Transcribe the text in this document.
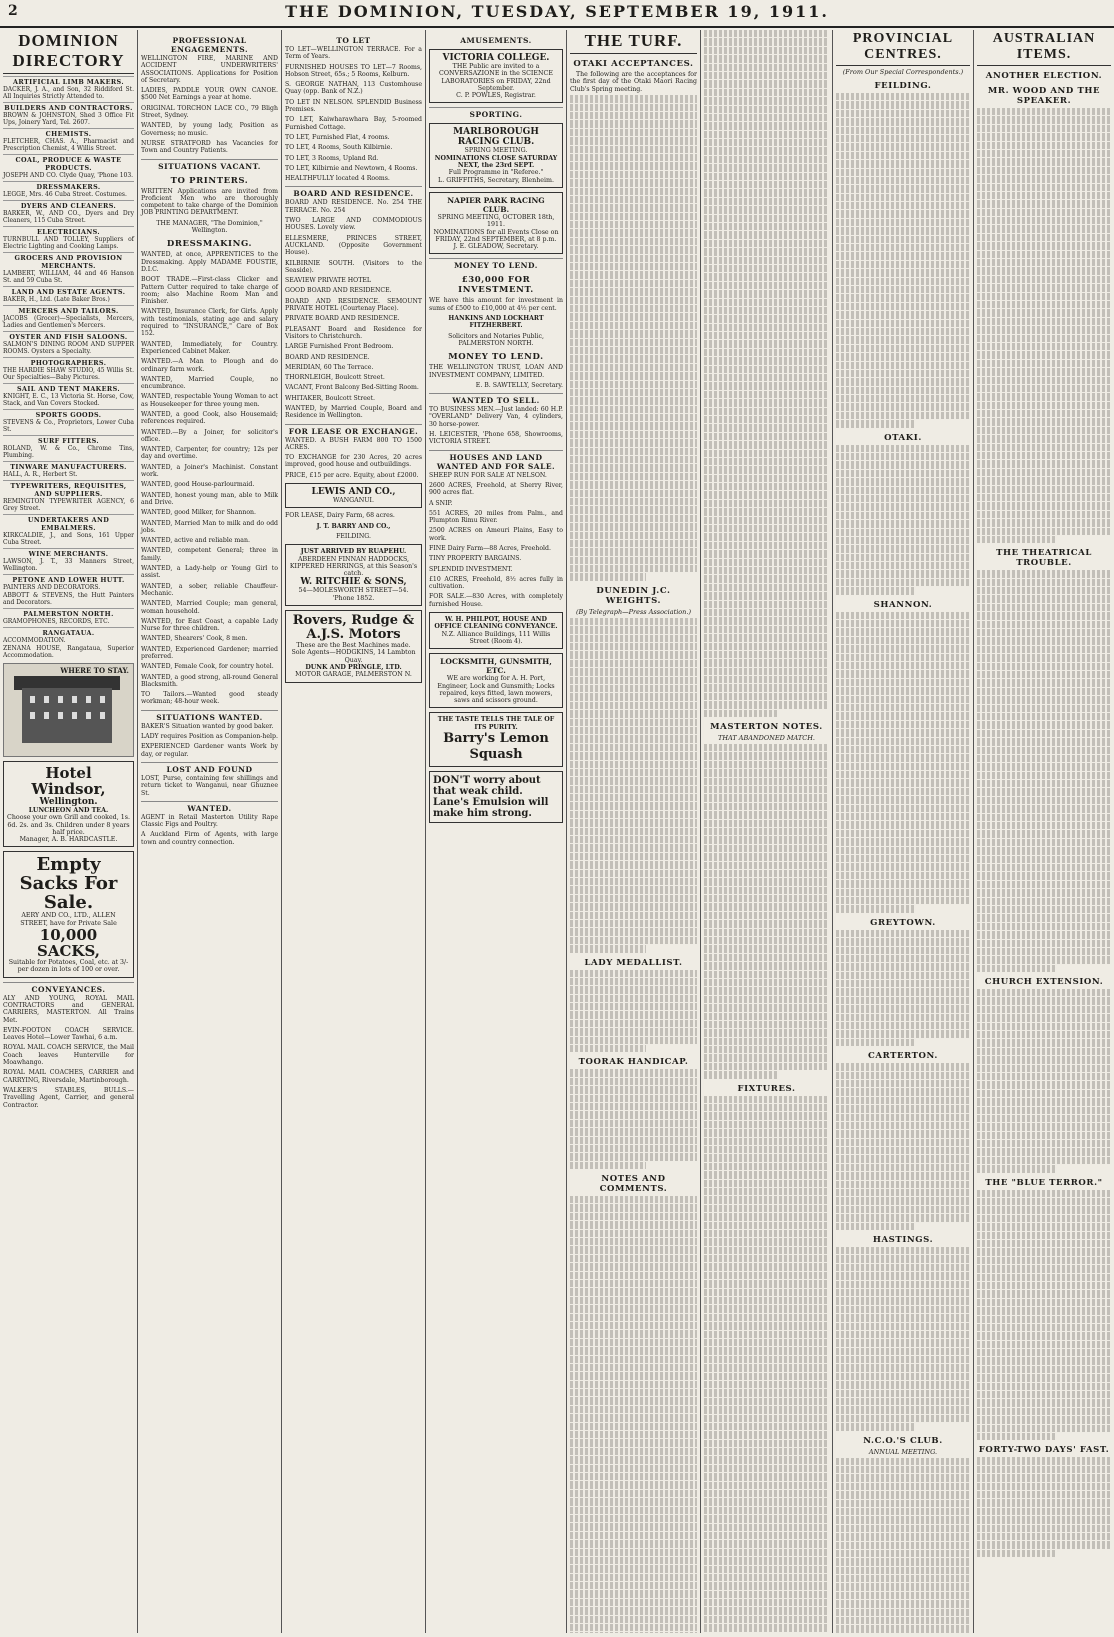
2	THE DOMINION, TUESDAY, SEPTEMBER 19, 1911.
DOMINION DIRECTORY
ARTIFICIAL LIMB MAKERS.
DACKER, J. A., and Son, 32 Riddiford St. All Inquiries Strictly Attended to.
BUILDERS AND CONTRACTORS.
BROWN & JOHNSTON, Shed 3 Office Fit Ups, Joinery Yard, Tel. 2607.
CHEMISTS.
FLETCHER, CHAS. A., Pharmacist and Prescription Chemist, 4 Willis Street.
COAL, PRODUCE & WASTE PRODUCTS.
JOSEPH AND CO. Clyde Quay, 'Phone 103.
DRESSMAKERS.
LEGGE, Mrs. 46 Cuba Street. Costumes.
DYERS AND CLEANERS.
BARKER, W., AND CO., Dyers and Dry Cleaners, 115 Cuba Street.
ELECTRICIANS.
TURNBULL AND TOLLEY, Suppliers of Electric Lighting and Cooking Lamps.
GROCERS AND PROVISION MERCHANTS.
LAMBERT, WILLIAM, 44 and 46 Hanson St. and 59 Cuba St.
LAND AND ESTATE AGENTS.
BAKER, H., Ltd. (Late Baker Bros.)
MERCERS AND TAILORS.
JACOBS (Grocer)—Specialists, Mercers, Ladies and Gentlemen's Mercers.
OYSTER AND FISH SALOONS.
SALMON'S DINING ROOM AND SUPPER ROOMS. Oysters a Specialty.
PHOTOGRAPHERS.
THE HARDIE SHAW STUDIO, 45 Willis St. Our Specialties—Baby Pictures.
SAIL AND TENT MAKERS.
KNIGHT, E. C., 13 Victoria St. Horse, Cow, Stack, and Van Covers Stocked.
SPORTS GOODS.
STEVENS & Co., Proprietors, Lower Cuba St.
SURF FITTERS.
ROLAND, W. & Co., Chrome Tins, Plumbing.
TINWARE MANUFACTURERS.
HALL, A. R., Herbert St.
TYPEWRITERS, REQUISITES, AND SUPPLIERS.
REMINGTON TYPEWRITER AGENCY, 6 Grey Street.
UNDERTAKERS AND EMBALMERS.
KIRKCALDIE, J., and Sons, 161 Upper Cuba Street.
WINE MERCHANTS.
LAWSON, J. T., 33 Manners Street, Wellington.
PETONE AND LOWER HUTT.
PAINTERS AND DECORATORS.
ABBOTT & STEVENS, the Hutt Painters and Decorators.
PALMERSTON NORTH.
GRAMOPHONES, RECORDS, ETC.
RANGATAUA.
ACCOMMODATION.
ZENANA HOUSE, Rangataua, Superior Accommodation.
WHERE TO STAY.
Hotel Windsor,
Wellington.
LUNCHEON AND TEA.
Choose your own Grill and cooked, 1s. 6d. 2s. and 3s. Children under 8 years half price.
Manager, A. B. HARDCASTLE.
Empty Sacks For Sale.
AERY AND CO., LTD., ALLEN STREET, have for Private Sale
10,000 SACKS,
Suitable for Potatoes, Coal, etc. at 3/- per dozen in lots of 100 or over.
CONVEYANCES.
ALY AND YOUNG, ROYAL MAIL CONTRACTORS and GENERAL CARRIERS, MASTERTON. All Trains Met.
EVIN-FOOTON COACH SERVICE. Leaves Hotel—Lower Tawhai, 6 a.m.
ROYAL MAIL COACH SERVICE, the Mail Coach leaves Hunterville for Moawhango.
ROYAL MAIL COACHES, CARRIER and CARRYING, Riversdale, Martinborough.
WALKER'S STABLES, BULLS.—Travelling Agent, Carrier, and general Contractor.
PROFESSIONAL ENGAGEMENTS.
WELLINGTON FIRE, MARINE AND ACCIDENT UNDERWRITERS' ASSOCIATIONS. Applications for Position of Secretary.
LADIES, PADDLE YOUR OWN CANOE. $500 Net Earnings a year at home.
ORIGINAL TORCHON LACE CO., 79 Bligh Street, Sydney.
WANTED, by young lady, Position as Governess; no music.
NURSE STRATFORD has Vacancies for Town and Country Patients.
SITUATIONS VACANT.
TO PRINTERS.
WRITTEN Applications are invited from Proficient Men who are thoroughly competent to take charge of the Dominion JOB PRINTING DEPARTMENT.
THE MANAGER, "The Dominion," Wellington.
DRESSMAKING.
WANTED, at once, APPRENTICES to the Dressmaking. Apply MADAME FOUSTIE, D.I.C.
BOOT TRADE.—First-class Clicker and Pattern Cutter required to take charge of room; also Machine Room Man and Finisher.
WANTED, Insurance Clerk, for Girls. Apply with testimonials, stating age and salary required to "INSURANCE," Care of Box 152.
WANTED, Immediately, for Country. Experienced Cabinet Maker.
WANTED.—A Man to Plough and do ordinary farm work.
WANTED, Married Couple, no encumbrance.
WANTED, respectable Young Woman to act as Housekeeper for three young men.
WANTED, a good Cook, also Housemaid; references required.
WANTED.—By a Joiner, for solicitor's office.
WANTED, Carpenter, for country; 12s per day and overtime.
WANTED, a Joiner's Machinist. Constant work.
WANTED, good House-parlourmaid.
WANTED, honest young man, able to Milk and Drive.
WANTED, good Milker, for Shannon.
WANTED, Married Man to milk and do odd jobs.
WANTED, active and reliable man.
WANTED, competent General; three in family.
WANTED, a Lady-help or Young Girl to assist.
WANTED, a sober, reliable Chauffeur-Mechanic.
WANTED, Married Couple; man general, woman household.
WANTED, for East Coast, a capable Lady Nurse for three children.
WANTED, Shearers' Cook, 8 men.
WANTED, Experienced Gardener; married preferred.
WANTED, Female Cook, for country hotel.
WANTED, a good strong, all-round General Blacksmith.
TO Tailors.—Wanted good steady workman; 48-hour week.
SITUATIONS WANTED.
BAKER'S Situation wanted by good baker.
LADY requires Position as Companion-help.
EXPERIENCED Gardener wants Work by day, or regular.
LOST AND FOUND
LOST, Purse, containing few shillings and return ticket to Wanganui, near Ghuznee St.
WANTED.
AGENT in Retail Masterton Utility Rape Classic Figs and Poultry.
A Auckland Firm of Agents, with large town and country connection.
TO LET
TO LET—WELLINGTON TERRACE. For a Term of Years.
FURNISHED HOUSES TO LET—7 Rooms, Hobson Street, 65s.; 5 Rooms, Kelburn.
S. GEORGE NATHAN, 113 Customhouse Quay (opp. Bank of N.Z.)
TO LET IN NELSON. SPLENDID Business Premises.
TO LET, Kaiwharawhara Bay, 5-roomed Furnished Cottage.
TO LET, Furnished Flat, 4 rooms.
TO LET, 4 Rooms, South Kilbirnie.
TO LET, 3 Rooms, Upland Rd.
TO LET, Kilbirnie and Newtown, 4 Rooms.
HEALTHFULLY located 4 Rooms.
BOARD AND RESIDENCE.
BOARD AND RESIDENCE. No. 254 THE TERRACE. No. 254
TWO LARGE AND COMMODIOUS HOUSES. Lovely view.
ELLESMERE, PRINCES STREET, AUCKLAND. (Opposite Government House).
KILBIRNIE SOUTH. (Visitors to the Seaside).
SEAVIEW PRIVATE HOTEL
GOOD BOARD AND RESIDENCE.
BOARD AND RESIDENCE. SEMOUNT PRIVATE HOTEL (Courtenay Place).
PRIVATE BOARD AND RESIDENCE.
PLEASANT Board and Residence for Visitors to Christchurch.
LARGE Furnished Front Bedroom.
BOARD AND RESIDENCE.
MERIDIAN, 60 The Terrace.
THORNLEIGH, Boulcott Street.
VACANT, Front Balcony Bed-Sitting Room.
WHITAKER, Boulcott Street.
WANTED, by Married Couple, Board and Residence in Wellington.
FOR LEASE OR EXCHANGE.
WANTED. A BUSH FARM 800 TO 1500 ACRES.
TO EXCHANGE for 230 Acres, 20 acres improved, good house and outbuildings.
PRICE, £15 per acre. Equity, about £2000.
LEWIS AND CO.,
WANGANUI.
FOR LEASE, Dairy Farm, 68 acres.
J. T. BARRY AND CO.,
FEILDING.
JUST ARRIVED BY RUAPEHU.
ABERDEEN FINNAN HADDOCKS, KIPPERED HERRINGS, at this Season's catch.
W. RITCHIE & SONS,
54—MOLESWORTH STREET—54. 'Phone 1852.
Rovers, Rudge & A.J.S. Motors
These are the Best Machines made. Sole Agents—HODGKINS, 14 Lambton Quay.
DUNK AND PRINGLE, LTD.
MOTOR GARAGE, PALMERSTON N.
AMUSEMENTS.
VICTORIA COLLEGE.
THE Public are invited to a CONVERSAZIONE in the SCIENCE LABORATORIES on FRIDAY, 22nd September.
C. P. POWLES, Registrar.
SPORTING.
MARLBOROUGH RACING CLUB.
SPRING MEETING.
NOMINATIONS CLOSE SATURDAY NEXT, the 23rd SEPT.
Full Programme in "Referee."
L. GRIFFITHS, Secretary, Blenheim.
NAPIER PARK RACING CLUB.
SPRING MEETING, OCTOBER 18th, 1911.
NOMINATIONS for all Events Close on FRIDAY, 22nd SEPTEMBER, at 8 p.m.
J. E. GLEADOW, Secretary.
MONEY TO LEND.
£30,000 FOR INVESTMENT.
WE have this amount for investment in sums of £500 to £10,000 at 4½ per cent.
HANKINS AND LOCKHART FITZHERBERT.
Solicitors and Notaries Public, PALMERSTON NORTH.
MONEY TO LEND.
THE WELLINGTON TRUST, LOAN AND INVESTMENT COMPANY, LIMITED.
E. B. SAWTELLY, Secretary.
WANTED TO SELL.
TO BUSINESS MEN.—Just landed: 60 H.P. "OVERLAND" Delivery Van, 4 cylinders, 30 horse-power.
H. LEICESTER, 'Phone 658, Showrooms, VICTORIA STREET.
HOUSES AND LAND WANTED AND FOR SALE.
SHEEP RUN FOR SALE AT NELSON.
2600 ACRES, Freehold, at Sherry River, 900 acres flat.
A SNIP.
551 ACRES, 20 miles from Palm., and Plumpton Rimu River.
2500 ACRES on Ameuri Plains, Easy to work.
FINE Dairy Farm—88 Acres, Freehold.
TINY PROPERTY BARGAINS.
SPLENDID INVESTMENT.
£10 ACRES, Freehold, 8½ acres fully in cultivation.
FOR SALE.—830 Acres, with completely furnished House.
W. H. PHILPOT, HOUSE AND OFFICE CLEANING CONVEYANCE.
N.Z. Alliance Buildings, 111 Willis Street (Room 4).
LOCKSMITH, GUNSMITH, ETC.
WE are working for A. H. Port, Engineer, Lock and Gunsmith; Locks repaired, keys fitted, lawn mowers, saws and scissors ground.
THE TASTE TELLS THE TALE OF ITS PURITY.
Barry's Lemon Squash
DON'T worry about
that weak child.
Lane's Emulsion will
make him strong.
THE TURF.
OTAKI ACCEPTANCES.
The following are the acceptances for the first day of the Otaki Maori Racing Club's Spring meeting.
DUNEDIN J.C. WEIGHTS.
(By Telegraph—Press Association.)
LADY MEDALLIST.
TOORAK HANDICAP.
NOTES AND COMMENTS.
MASTERTON NOTES.
THAT ABANDONED MATCH.
FIXTURES.
PROVINCIAL CENTRES.
(From Our Special Correspondents.)
FEILDING.
OTAKI.
SHANNON.
GREYTOWN.
CARTERTON.
HASTINGS.
N.C.O.'S CLUB.
ANNUAL MEETING.
AUSTRALIAN ITEMS.
ANOTHER ELECTION.
MR. WOOD AND THE SPEAKER.
THE THEATRICAL TROUBLE.
CHURCH EXTENSION.
THE "BLUE TERROR."
FORTY-TWO DAYS' FAST.
